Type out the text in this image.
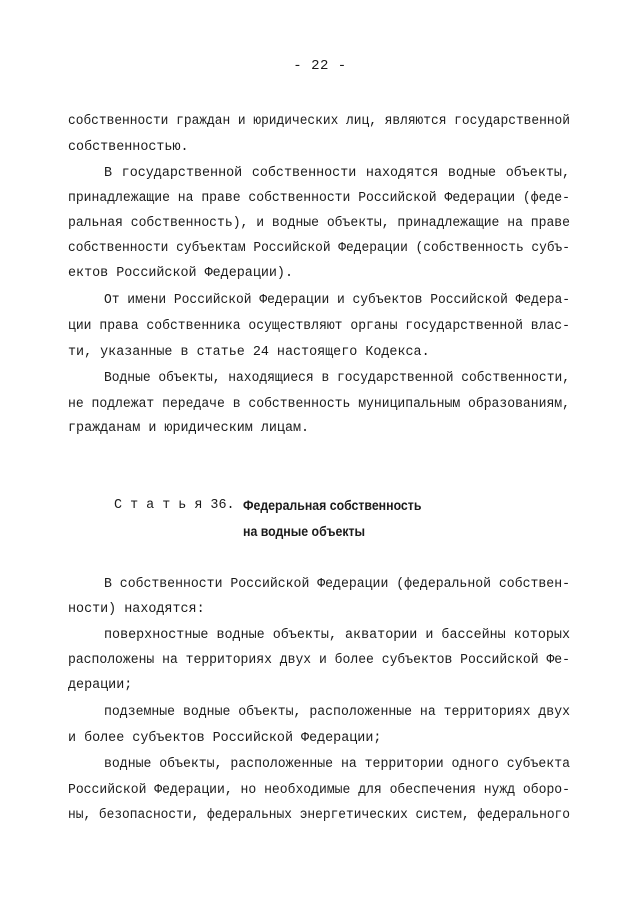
- 22 -
собственности граждан и юридических лиц, являются государственной
собственностью.
В государственной собственности находятся водные объекты,
принадлежащие на праве собственности Российской Федерации (феде-
ральная собственность), и водные объекты, принадлежащие на праве
собственности субъектам Российской Федерации (собственность субъ-
ектов Российской Федерации).
От имени Российской Федерации и субъектов Российской Федера-
ции права собственника осуществляют органы государственной влас-
ти, указанные в статье 24 настоящего Кодекса.
Водные объекты, находящиеся в государственной собственности,
не подлежат передаче в собственность муниципальным образованиям,
гражданам и юридическим лицам.
С т а т ь я 36. Федеральная собственность
на водные объекты
В собственности Российской Федерации (федеральной собствен-
ности) находятся:
поверхностные водные объекты, акватории и бассейны которых
расположены на территориях двух и более субъектов Российской Фе-
дерации;
подземные водные объекты, расположенные на территориях двух
и более субъектов Российской Федерации;
водные объекты, расположенные на территории одного субъекта
Российской Федерации, но необходимые для обеспечения нужд оборо-
ны, безопасности, федеральных энергетических систем, федерального
